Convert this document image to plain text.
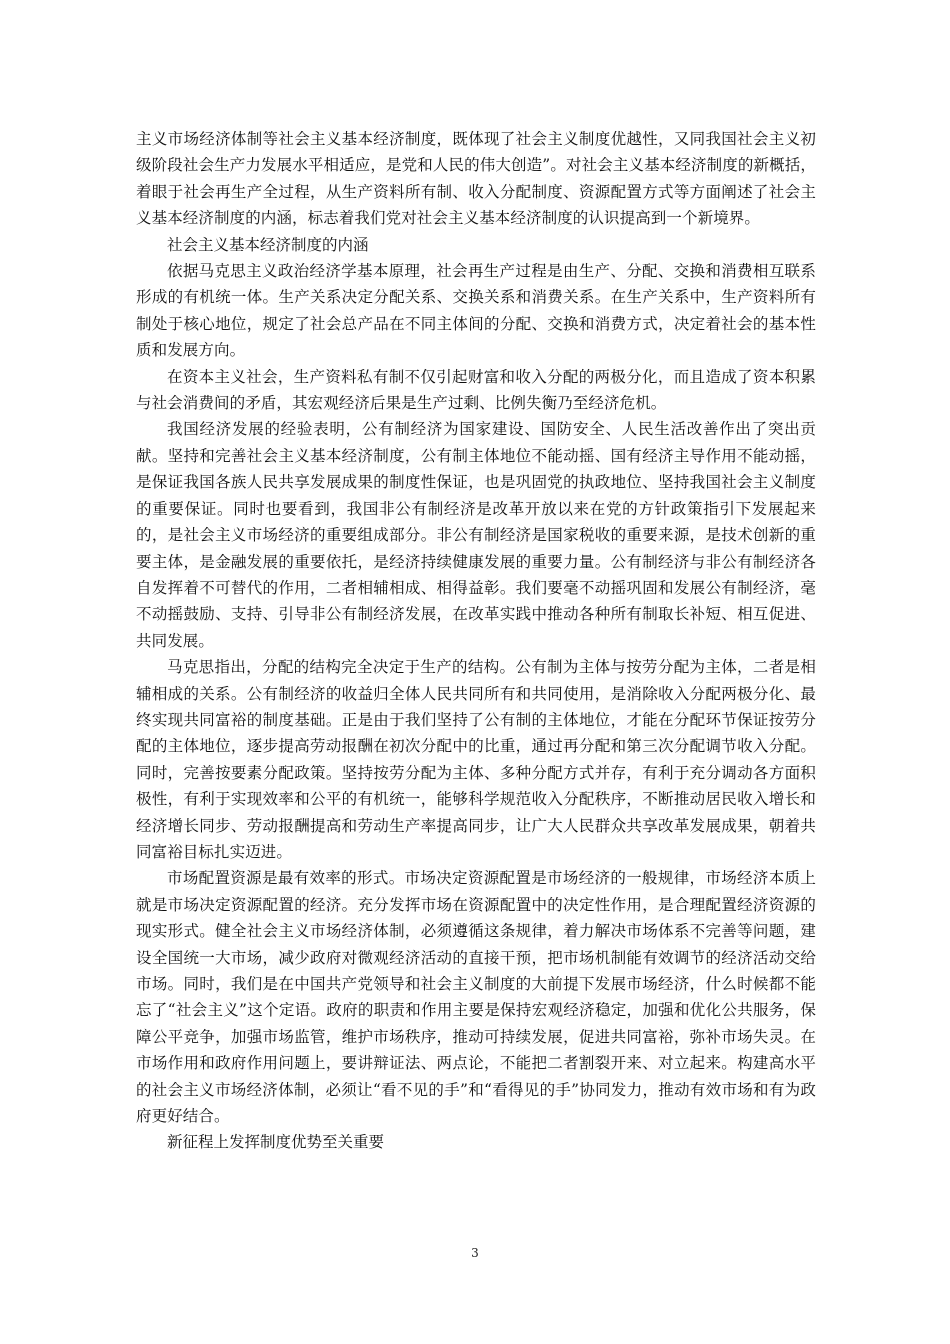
主义市场经济体制等社会主义基本经济制度，既体现了社会主义制度优越性，又同我国社会主义初级阶段社会生产力发展水平相适应，是党和人民的伟大创造”。对社会主义基本经济制度的新概括，着眼于社会再生产全过程，从生产资料所有制、收入分配制度、资源配置方式等方面阐述了社会主义基本经济制度的内涵，标志着我们党对社会主义基本经济制度的认识提高到一个新境界。

社会主义基本经济制度的内涵

依据马克思主义政治经济学基本原理，社会再生产过程是由生产、分配、交换和消费相互联系形成的有机统一体。生产关系决定分配关系、交换关系和消费关系。在生产关系中，生产资料所有制处于核心地位，规定了社会总产品在不同主体间的分配、交换和消费方式，决定着社会的基本性质和发展方向。

在资本主义社会，生产资料私有制不仅引起财富和收入分配的两极分化，而且造成了资本积累与社会消费间的矛盾，其宏观经济后果是生产过剩、比例失衡乃至经济危机。

我国经济发展的经验表明，公有制经济为国家建设、国防安全、人民生活改善作出了突出贡献。坚持和完善社会主义基本经济制度，公有制主体地位不能动摇、国有经济主导作用不能动摇，是保证我国各族人民共享发展成果的制度性保证，也是巩固党的执政地位、坚持我国社会主义制度的重要保证。同时也要看到，我国非公有制经济是改革开放以来在党的方针政策指引下发展起来的，是社会主义市场经济的重要组成部分。非公有制经济是国家税收的重要来源，是技术创新的重要主体，是金融发展的重要依托，是经济持续健康发展的重要力量。公有制经济与非公有制经济各自发挥着不可替代的作用，二者相辅相成、相得益彰。我们要毫不动摇巩固和发展公有制经济，毫不动摇鼓励、支持、引导非公有制经济发展，在改革实践中推动各种所有制取长补短、相互促进、共同发展。

马克思指出，分配的结构完全决定于生产的结构。公有制为主体与按劳分配为主体，二者是相辅相成的关系。公有制经济的收益归全体人民共同所有和共同使用，是消除收入分配两极分化、最终实现共同富裕的制度基础。正是由于我们坚持了公有制的主体地位，才能在分配环节保证按劳分配的主体地位，逐步提高劳动报酬在初次分配中的比重，通过再分配和第三次分配调节收入分配。同时，完善按要素分配政策。坚持按劳分配为主体、多种分配方式并存，有利于充分调动各方面积极性，有利于实现效率和公平的有机统一，能够科学规范收入分配秩序，不断推动居民收入增长和经济增长同步、劳动报酬提高和劳动生产率提高同步，让广大人民群众共享改革发展成果，朝着共同富裕目标扎实迈进。

市场配置资源是最有效率的形式。市场决定资源配置是市场经济的一般规律，市场经济本质上就是市场决定资源配置的经济。充分发挥市场在资源配置中的决定性作用，是合理配置经济资源的现实形式。健全社会主义市场经济体制，必须遵循这条规律，着力解决市场体系不完善等问题，建设全国统一大市场，减少政府对微观经济活动的直接干预，把市场机制能有效调节的经济活动交给市场。同时，我们是在中国共产党领导和社会主义制度的大前提下发展市场经济，什么时候都不能忘了“社会主义”这个定语。政府的职责和作用主要是保持宏观经济稳定，加强和优化公共服务，保障公平竞争，加强市场监管，维护市场秩序，推动可持续发展，促进共同富裕，弥补市场失灵。在市场作用和政府作用问题上，要讲辩证法、两点论，不能把二者割裂开来、对立起来。构建高水平的社会主义市场经济体制，必须让“看不见的手”和“看得见的手”协同发力，推动有效市场和有为政府更好结合。

新征程上发挥制度优势至关重要

3
